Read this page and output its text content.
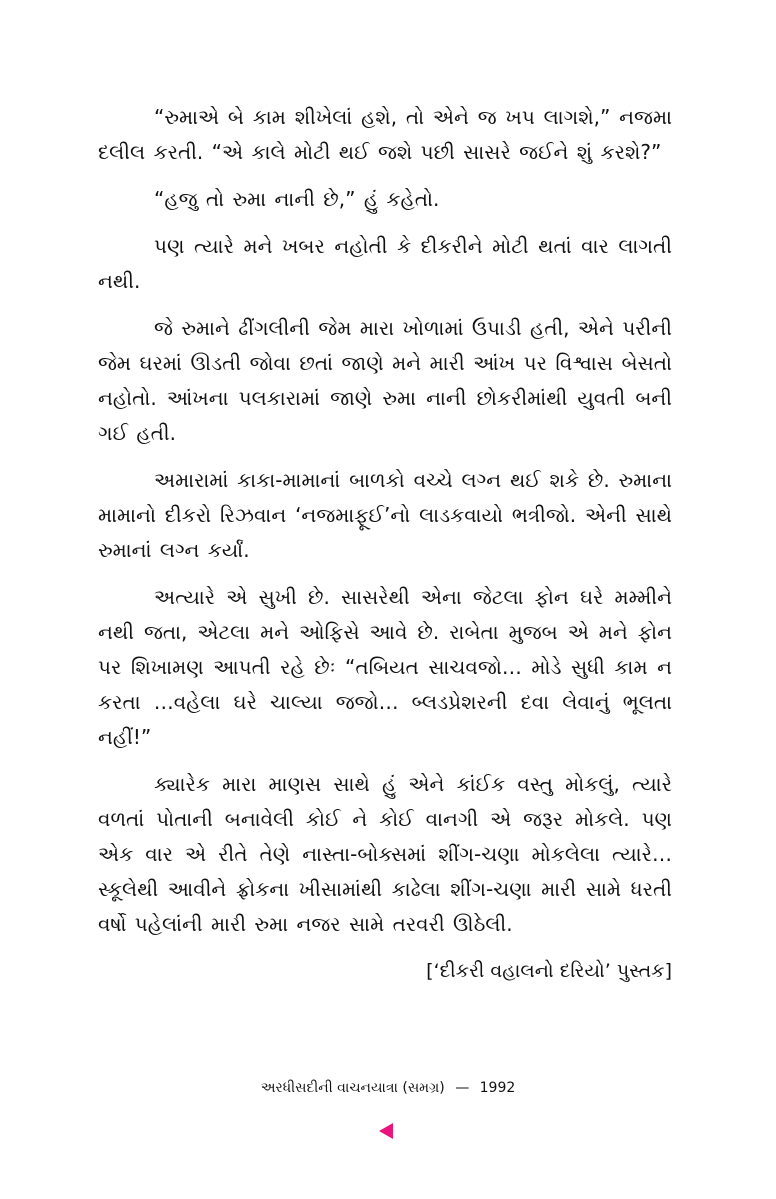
“રુમાએ બે કામ શીખેલાં હશે, તો એને જ ખપ લાગશે,” નજમા દલીલ કરતી. “એ કાલે મોટી થઈ જશે પછી સાસરે જઈને શું કરશે?”

“હજુ તો રુમા નાની છે,” હું કહેતો.

પણ ત્યારે મને ખબર નહોતી કે દીકરીને મોટી થતાં વાર લાગતી નથી.

જે રુમાને ઢીંગલીની જેમ મારા ખોળામાં ઉપાડી હતી, એને પરીની જેમ ઘરમાં ઊડતી જોવા છતાં જાણે મને મારી આંખ પર વિશ્વાસ બેસતો નહોતો. આંખના પલકારામાં જાણે રુમા નાની છોકરીમાંથી યુવતી બની ગઈ હતી.

અમારામાં કાકા-મામાનાં બાળકો વચ્ચે લગ્ન થઈ શકે છે. રુમાના મામાનો દીકરો રિઝવાન ‘નજમાફૂઈ’નો લાડકવાયો ભત્રીજો. એની સાથે રુમાનાં લગ્ન કર્યાં.

અત્યારે એ સુખી છે. સાસરેથી એના જેટલા ફોન ઘરે મમ્મીને નથી જતા, એટલા મને ઓફિસે આવે છે. રાબેતા મુજબ એ મને ફોન પર શિખામણ આપતી રહે છેઃ “તબિયત સાચવજો… મોડે સુધી કામ ન કરતા …વહેલા ઘરે ચાલ્યા જજો… બ્લડપ્રેશરની દવા લેવાનું ભૂલતા નહીં!”

ક્યારેક મારા માણસ સાથે હું એને કાંઈક વસ્તુ મોકલું, ત્યારે વળતાં પોતાની બનાવેલી કોઈ ને કોઈ વાનગી એ જરૂર મોકલે. પણ એક વાર એ રીતે તેણે નાસ્તા-બોક્સમાં શીંગ-ચણા મોકલેલા ત્યારે… સ્કૂલેથી આવીને ફ્રોકના ખીસામાંથી કાઢેલા શીંગ-ચણા મારી સામે ધરતી વર્ષો પહેલાંની મારી રુમા નજર સામે તરવરી ઊઠેલી.

[‘દીકરી વહાલનો દરિયો’ પુસ્તક]

અરધીસદીની વાચનયાત્રા (સમગ્ર) — 1992
